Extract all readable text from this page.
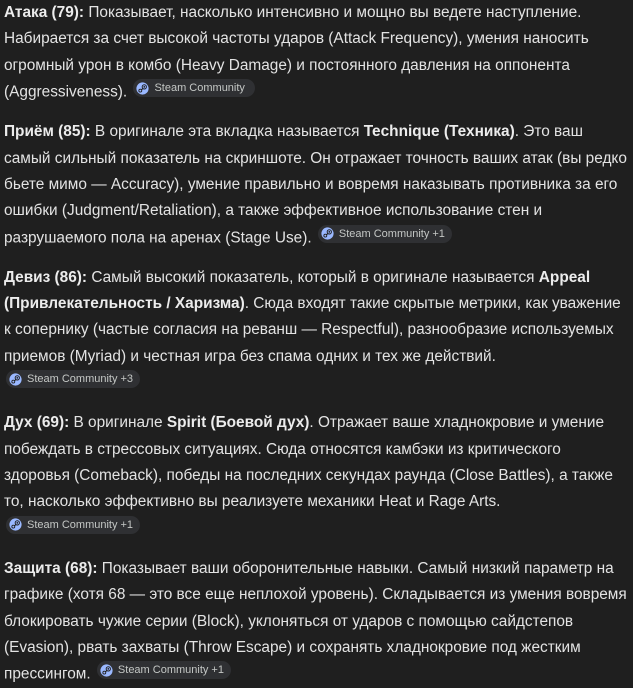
Атака (79): Показывает, насколько интенсивно и мощно вы ведете наступление. Набирается за счет высокой частоты ударов (Attack Frequency), умения наносить огромный урон в комбо (Heavy Damage) и постоянного давления на оппонента (Aggressiveness). Steam Community

Приём (85): В оригинале эта вкладка называется Technique (Техника). Это ваш самый сильный показатель на скриншоте. Он отражает точность ваших атак (вы редко бьете мимо — Accuracy), умение правильно и вовремя наказывать противника за его ошибки (Judgment/Retaliation), а также эффективное использование стен и разрушаемого пола на аренах (Stage Use). Steam Community +1

Девиз (86): Самый высокий показатель, который в оригинале называется Appeal (Привлекательность / Харизма). Сюда входят такие скрытые метрики, как уважение к сопернику (частые согласия на реванш — Respectful), разнообразие используемых приемов (Myriad) и честная игра без спама одних и тех же действий.
Steam Community +3

Дух (69): В оригинале Spirit (Боевой дух). Отражает ваше хладнокровие и умение побеждать в стрессовых ситуациях. Сюда относятся камбэки из критического здоровья (Comeback), победы на последних секундах раунда (Close Battles), а также то, насколько эффективно вы реализуете механики Heat и Rage Arts.
Steam Community +1

Защита (68): Показывает ваши оборонительные навыки. Самый низкий параметр на графике (хотя 68 — это все еще неплохой уровень). Складывается из умения вовремя блокировать чужие серии (Block), уклоняться от ударов с помощью сайдстепов (Evasion), рвать захваты (Throw Escape) и сохранять хладнокровие под жестким прессингом. Steam Community +1
